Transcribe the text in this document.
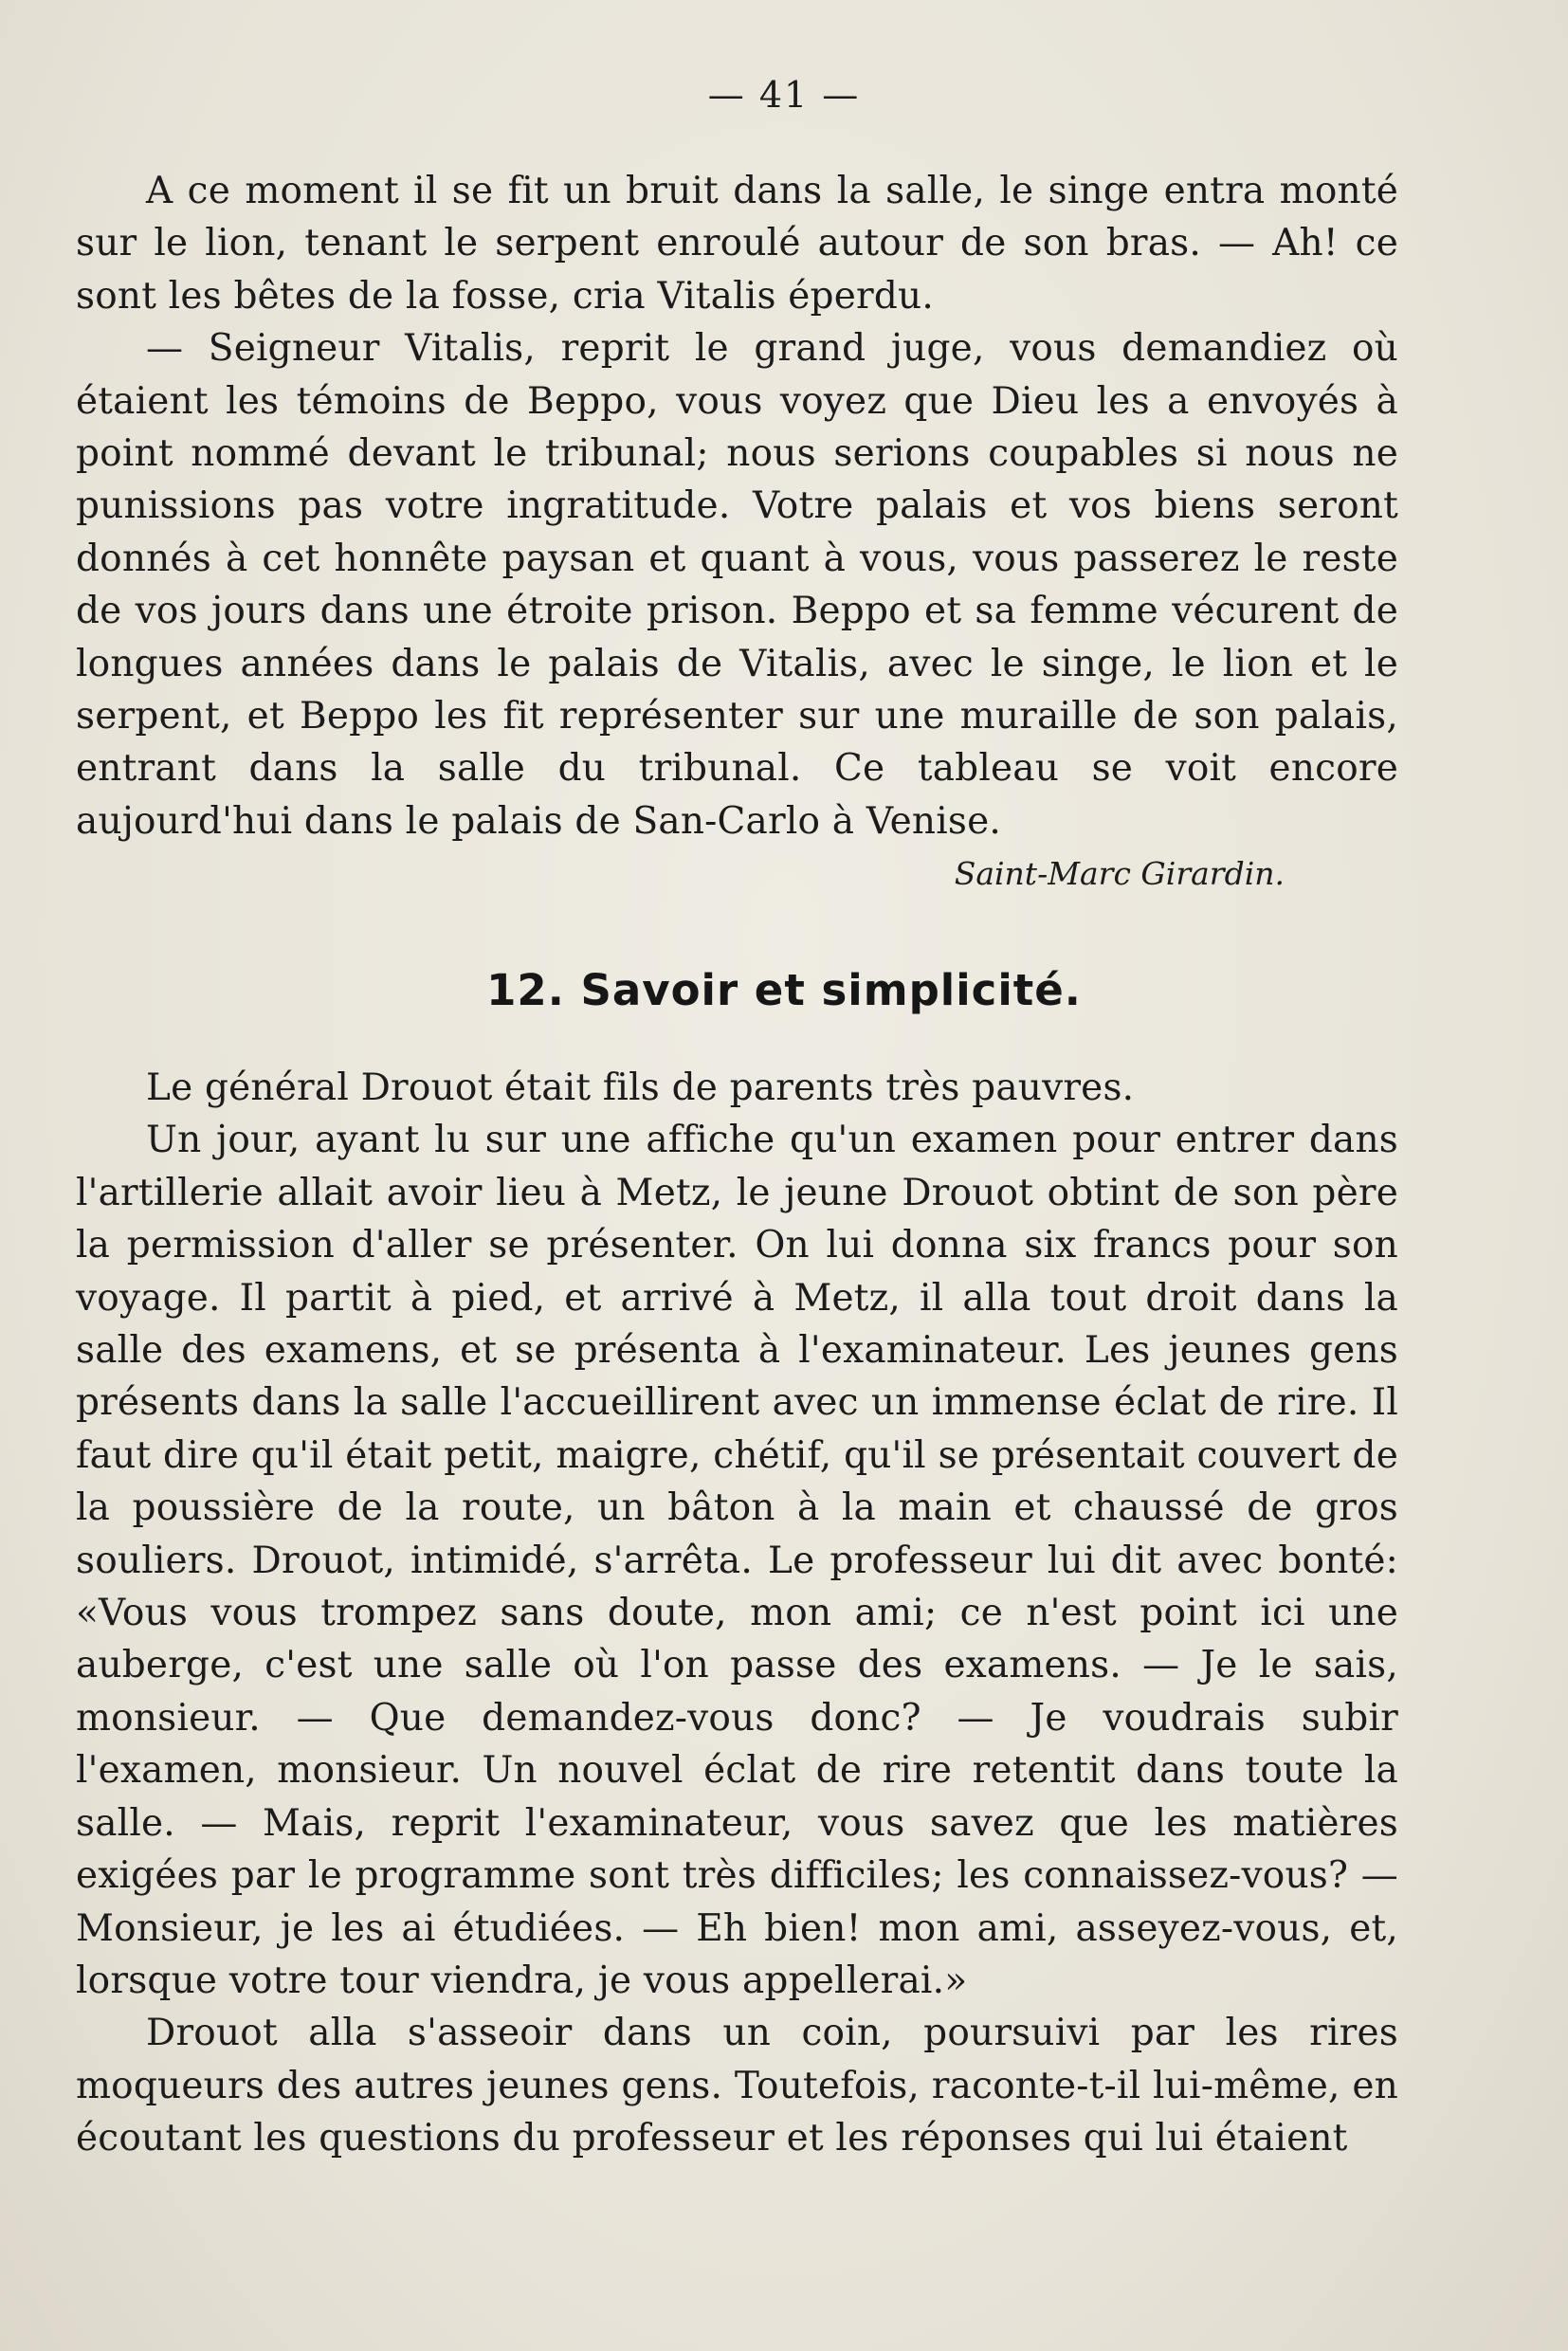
— 41 —

A ce moment il se fit un bruit dans la salle, le singe entra monté sur le lion, tenant le serpent enroulé autour de son bras. — Ah! ce sont les bêtes de la fosse, cria Vitalis éperdu.

— Seigneur Vitalis, reprit le grand juge, vous demandiez où étaient les témoins de Beppo, vous voyez que Dieu les a envoyés à point nommé devant le tribunal; nous serions coupables si nous ne punissions pas votre ingratitude. Votre palais et vos biens seront donnés à cet honnête paysan et quant à vous, vous passerez le reste de vos jours dans une étroite prison. Beppo et sa femme vécurent de longues années dans le palais de Vitalis, avec le singe, le lion et le serpent, et Beppo les fit représenter sur une muraille de son palais, entrant dans la salle du tribunal. Ce tableau se voit encore aujourd'hui dans le palais de San-Carlo à Venise.

Saint-Marc Girardin.

12. Savoir et simplicité.

Le général Drouot était fils de parents très pauvres.

Un jour, ayant lu sur une affiche qu'un examen pour entrer dans l'artillerie allait avoir lieu à Metz, le jeune Drouot obtint de son père la permission d'aller se présenter. On lui donna six francs pour son voyage. Il partit à pied, et arrivé à Metz, il alla tout droit dans la salle des examens, et se présenta à l'examinateur. Les jeunes gens présents dans la salle l'accueillirent avec un immense éclat de rire. Il faut dire qu'il était petit, maigre, chétif, qu'il se présentait couvert de la poussière de la route, un bâton à la main et chaussé de gros souliers. Drouot, intimidé, s'arrêta. Le professeur lui dit avec bonté: «Vous vous trompez sans doute, mon ami; ce n'est point ici une auberge, c'est une salle où l'on passe des examens. — Je le sais, monsieur. — Que demandez-vous donc? — Je voudrais subir l'examen, monsieur. Un nouvel éclat de rire retentit dans toute la salle. — Mais, reprit l'examinateur, vous savez que les matières exigées par le programme sont très difficiles; les connaissez-vous? — Monsieur, je les ai étudiées. — Eh bien! mon ami, asseyez-vous, et, lorsque votre tour viendra, je vous appellerai.»

Drouot alla s'asseoir dans un coin, poursuivi par les rires moqueurs des autres jeunes gens. Toutefois, raconte-t-il lui-même, en écoutant les questions du professeur et les réponses qui lui étaient
